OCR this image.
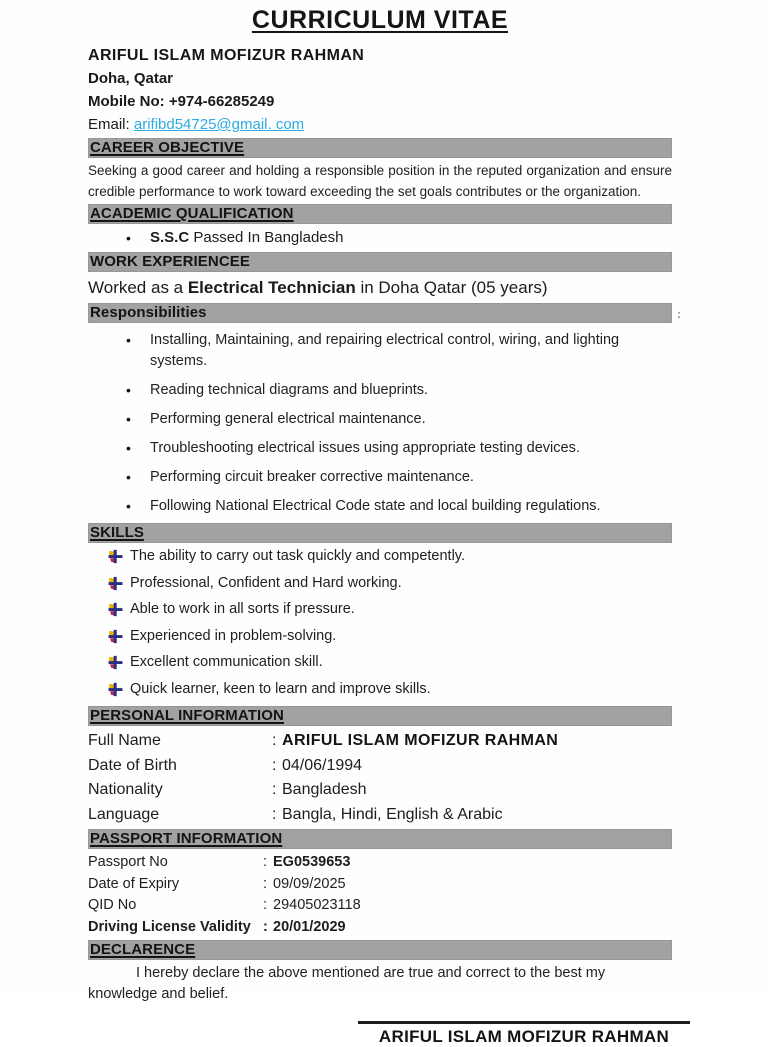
CURRICULUM VITAE
ARIFUL ISLAM MOFIZUR RAHMAN
Doha, Qatar
Mobile No: +974-66285249
Email: arifibd54725@gmail. com
CAREER OBJECTIVE

Seeking a good career and holding a responsible position in the reputed organization and ensure credible performance to work toward exceeding the set goals contributes or the organization.

ACADEMIC QUALIFICATION
•	S.S.C Passed In Bangladesh
WORK EXPERIENCEE

Worked as a Electrical Technician in Doha Qatar (05 years)

Responsibilities	:
•	Installing, Maintaining, and repairing electrical control, wiring, and lighting systems.
•	Reading technical diagrams and blueprints.
•	Performing general electrical maintenance.
•	Troubleshooting electrical issues using appropriate testing devices.
•	Performing circuit breaker corrective maintenance.
•	Following National Electrical Code state and local building regulations.
SKILLS
The ability to carry out task quickly and competently.
Professional, Confident and Hard working.
Able to work in all sorts if pressure.
Experienced in problem-solving.
Excellent communication skill.
Quick learner, keen to learn and improve skills.
PERSONAL INFORMATION
Full Name	: ARIFUL ISLAM MOFIZUR RAHMAN
Date of Birth	: 04/06/1994
Nationality	: Bangladesh
Language	: Bangla, Hindi, English & Arabic
PASSPORT INFORMATION
Passport No	: EG0539653
Date of Expiry	: 09/09/2025
QID No	: 29405023118
Driving License Validity : 20/01/2029
DECLARENCE

I hereby declare the above mentioned are true and correct to the best my knowledge and belief.

ARIFUL ISLAM MOFIZUR RAHMAN
